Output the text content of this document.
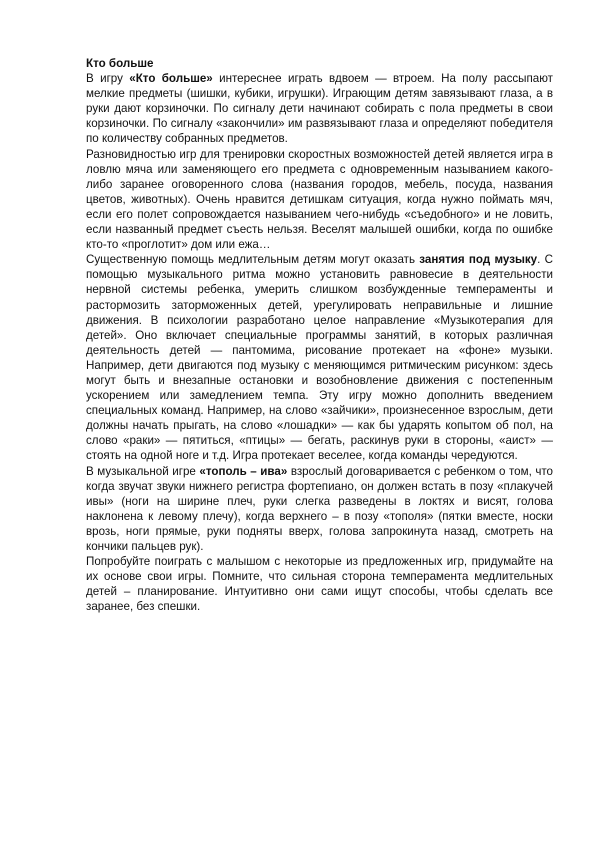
Кто больше

В игру «Кто больше» интереснее играть вдвоем — втроем. На полу рассыпают мелкие предметы (шишки, кубики, игрушки). Играющим детям завязывают глаза, а в руки дают корзиночки. По сигналу дети начинают собирать с пола предметы в свои корзиночки. По сигналу «закончили» им развязывают глаза и определяют победителя по количеству собранных предметов.

Разновидностью игр для тренировки скоростных возможностей детей является игра в ловлю мяча или заменяющего его предмета с одновременным называнием какого-либо заранее оговоренного слова (названия городов, мебель, посуда, названия цветов, животных). Очень нравится детишкам ситуация, когда нужно поймать мяч, если его полет сопровождается называнием чего-нибудь «съедобного» и не ловить, если названный предмет съесть нельзя. Веселят малышей ошибки, когда по ошибке кто-то «проглотит» дом или ежа…

Существенную помощь медлительным детям могут оказать занятия под музыку. С помощью музыкального ритма можно установить равновесие в деятельности нервной системы ребенка, умерить слишком возбужденные темпераменты и растормозить заторможенных детей, урегулировать неправильные и лишние движения. В психологии разработано целое направление «Музыкотерапия для детей». Оно включает специальные программы занятий, в которых различная деятельность детей — пантомима, рисование протекает на «фоне» музыки. Например, дети двигаются под музыку с меняющимся ритмическим рисунком: здесь могут быть и внезапные остановки и возобновление движения с постепенным ускорением или замедлением темпа. Эту игру можно дополнить введением специальных команд. Например, на слово «зайчики», произнесенное взрослым, дети должны начать прыгать, на слово «лошадки» — как бы ударять копытом об пол, на слово «раки» — пятиться, «птицы» — бегать, раскинув руки в стороны, «аист» — стоять на одной ноге и т.д. Игра протекает веселее, когда команды чередуются.

В музыкальной игре «тополь – ива» взрослый договаривается с ребенком о том, что когда звучат звуки нижнего регистра фортепиано, он должен встать в позу «плакучей ивы» (ноги на ширине плеч, руки слегка разведены в локтях и висят, голова наклонена к левому плечу), когда верхнего – в позу «тополя» (пятки вместе, носки врозь, ноги прямые, руки подняты вверх, голова запрокинута назад, смотреть на кончики пальцев рук).

Попробуйте поиграть с малышом с некоторые из предложенных игр, придумайте на их основе свои игры. Помните, что сильная сторона темперамента медлительных детей – планирование. Интуитивно они сами ищут способы, чтобы сделать все заранее, без спешки.
